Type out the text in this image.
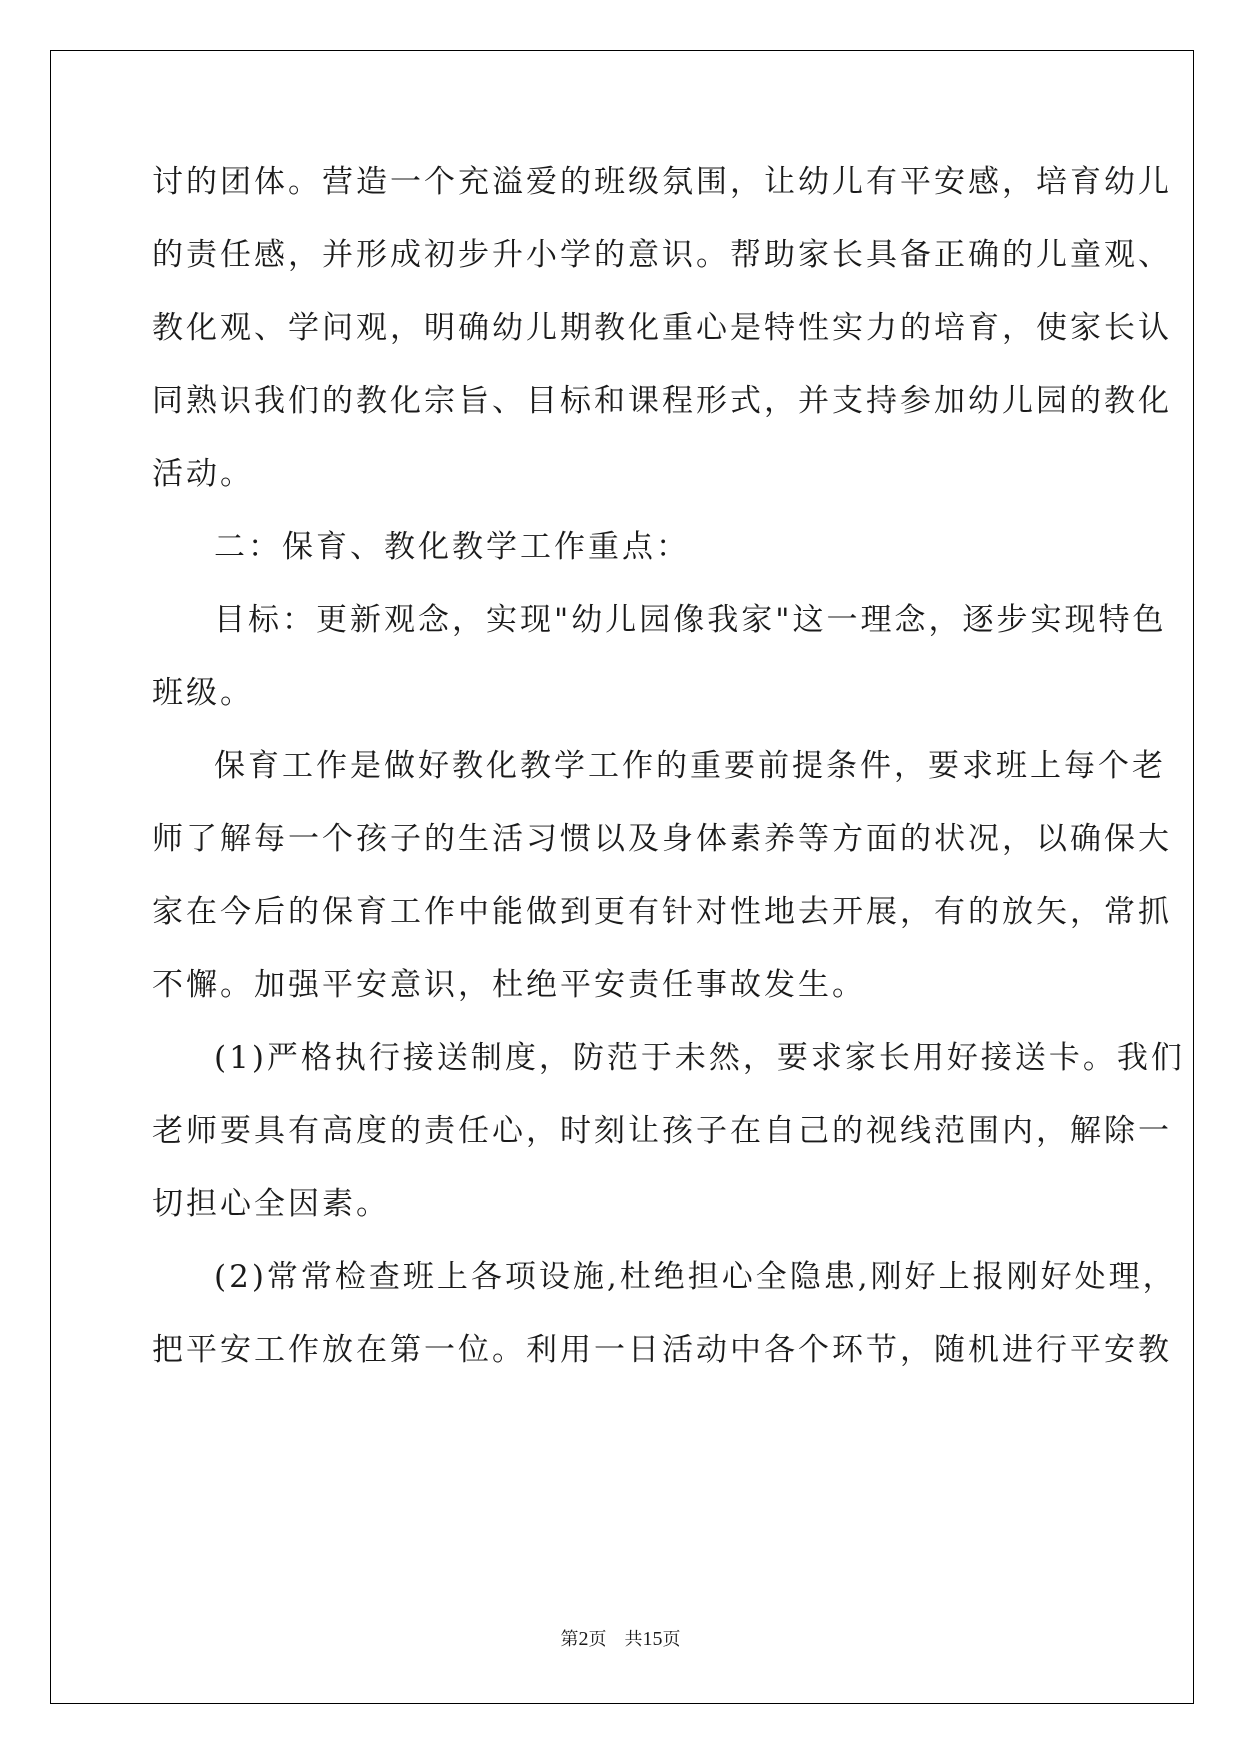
讨的团体。营造一个充溢爱的班级氛围，让幼儿有平安感，培育幼儿
的责任感，并形成初步升小学的意识。帮助家长具备正确的儿童观、
教化观、学问观，明确幼儿期教化重心是特性实力的培育，使家长认
同熟识我们的教化宗旨、目标和课程形式，并支持参加幼儿园的教化
活动。
二：保育、教化教学工作重点：
目标：更新观念，实现"幼儿园像我家"这一理念，逐步实现特色
班级。
保育工作是做好教化教学工作的重要前提条件，要求班上每个老
师了解每一个孩子的生活习惯以及身体素养等方面的状况，以确保大
家在今后的保育工作中能做到更有针对性地去开展，有的放矢，常抓
不懈。加强平安意识，杜绝平安责任事故发生。
(1)严格执行接送制度，防范于未然，要求家长用好接送卡。我们
老师要具有高度的责任心，时刻让孩子在自己的视线范围内，解除一
切担心全因素。
(2)常常检查班上各项设施,杜绝担心全隐患,刚好上报刚好处理，
把平安工作放在第一位。利用一日活动中各个环节，随机进行平安教
第2页　共15页
